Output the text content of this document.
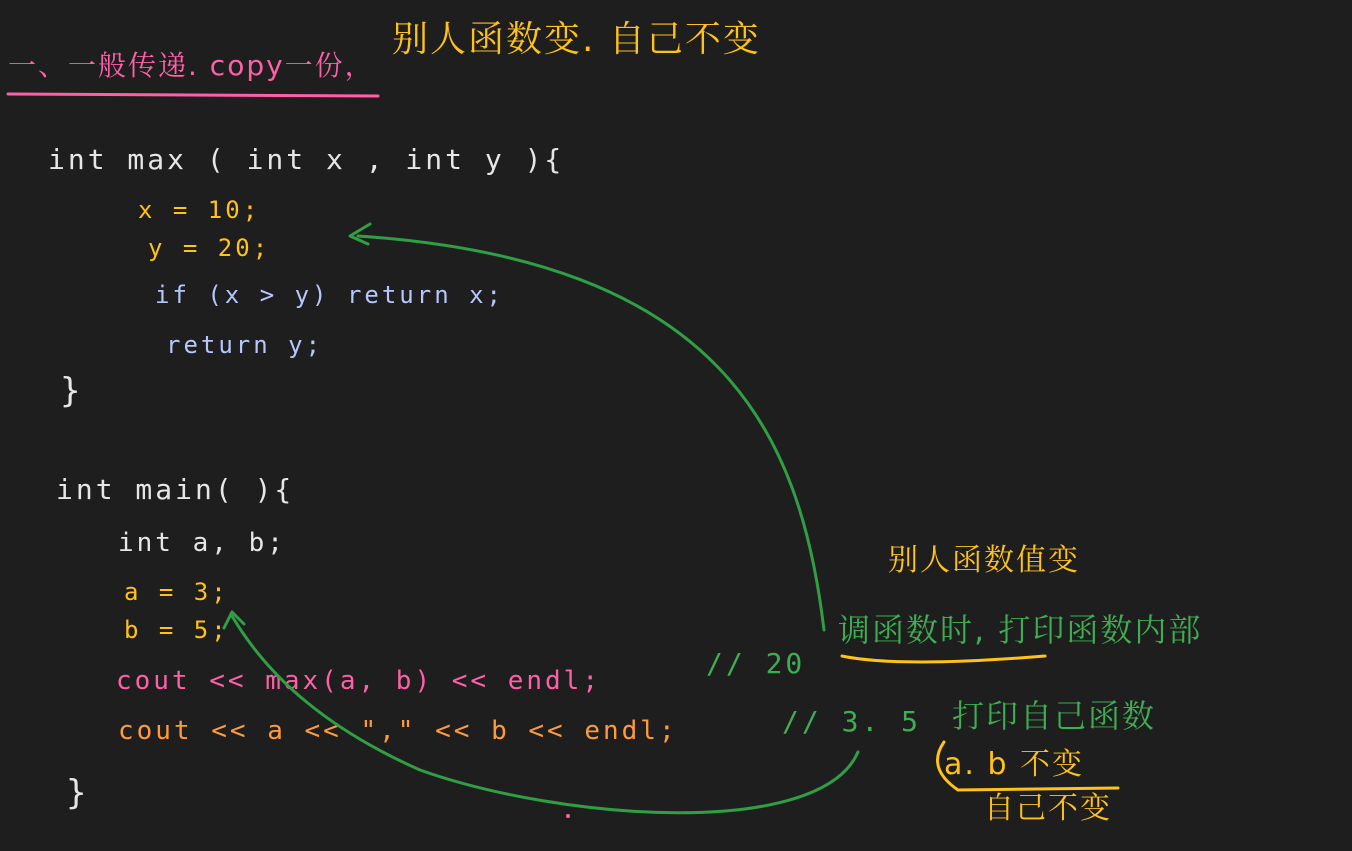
一、一般传递. copy一份，
别人函数变. 自己不变
int max ( int x , int y ){
x = 10;
y = 20;
if (x > y) return x;
return y;
}
int main( ){
int a, b;
a = 3;
b = 5;
cout << max(a, b) << endl;
cout << a << "," << b << endl;
}
// 20
// 3. 5
调函数时, 打印函数内部
打印自己函数
别人函数值变
a. b 不变
自己不变
